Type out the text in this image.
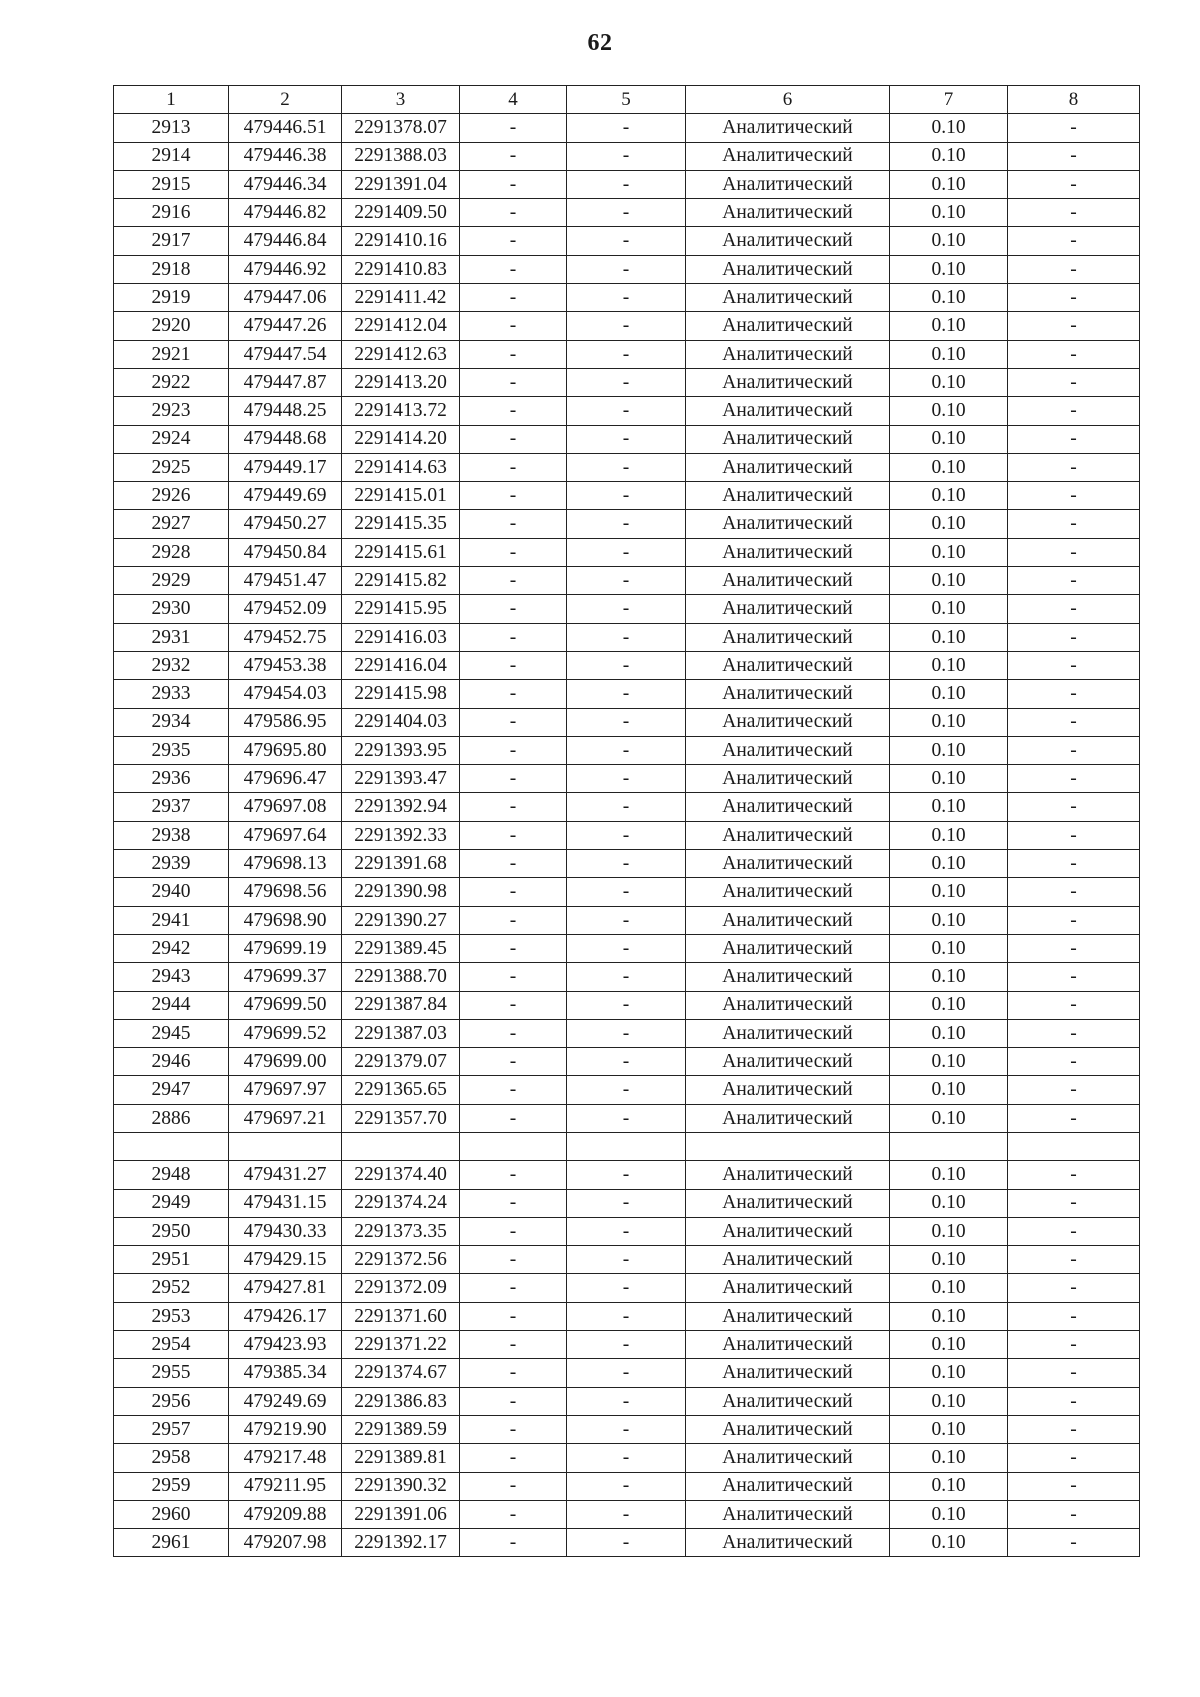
62
1	2	3	4	5	6	7	8
2913	479446.51	2291378.07	-	-	Аналитический	0.10	-
2914	479446.38	2291388.03	-	-	Аналитический	0.10	-
2915	479446.34	2291391.04	-	-	Аналитический	0.10	-
2916	479446.82	2291409.50	-	-	Аналитический	0.10	-
2917	479446.84	2291410.16	-	-	Аналитический	0.10	-
2918	479446.92	2291410.83	-	-	Аналитический	0.10	-
2919	479447.06	2291411.42	-	-	Аналитический	0.10	-
2920	479447.26	2291412.04	-	-	Аналитический	0.10	-
2921	479447.54	2291412.63	-	-	Аналитический	0.10	-
2922	479447.87	2291413.20	-	-	Аналитический	0.10	-
2923	479448.25	2291413.72	-	-	Аналитический	0.10	-
2924	479448.68	2291414.20	-	-	Аналитический	0.10	-
2925	479449.17	2291414.63	-	-	Аналитический	0.10	-
2926	479449.69	2291415.01	-	-	Аналитический	0.10	-
2927	479450.27	2291415.35	-	-	Аналитический	0.10	-
2928	479450.84	2291415.61	-	-	Аналитический	0.10	-
2929	479451.47	2291415.82	-	-	Аналитический	0.10	-
2930	479452.09	2291415.95	-	-	Аналитический	0.10	-
2931	479452.75	2291416.03	-	-	Аналитический	0.10	-
2932	479453.38	2291416.04	-	-	Аналитический	0.10	-
2933	479454.03	2291415.98	-	-	Аналитический	0.10	-
2934	479586.95	2291404.03	-	-	Аналитический	0.10	-
2935	479695.80	2291393.95	-	-	Аналитический	0.10	-
2936	479696.47	2291393.47	-	-	Аналитический	0.10	-
2937	479697.08	2291392.94	-	-	Аналитический	0.10	-
2938	479697.64	2291392.33	-	-	Аналитический	0.10	-
2939	479698.13	2291391.68	-	-	Аналитический	0.10	-
2940	479698.56	2291390.98	-	-	Аналитический	0.10	-
2941	479698.90	2291390.27	-	-	Аналитический	0.10	-
2942	479699.19	2291389.45	-	-	Аналитический	0.10	-
2943	479699.37	2291388.70	-	-	Аналитический	0.10	-
2944	479699.50	2291387.84	-	-	Аналитический	0.10	-
2945	479699.52	2291387.03	-	-	Аналитический	0.10	-
2946	479699.00	2291379.07	-	-	Аналитический	0.10	-
2947	479697.97	2291365.65	-	-	Аналитический	0.10	-
2886	479697.21	2291357.70	-	-	Аналитический	0.10	-

2948	479431.27	2291374.40	-	-	Аналитический	0.10	-
2949	479431.15	2291374.24	-	-	Аналитический	0.10	-
2950	479430.33	2291373.35	-	-	Аналитический	0.10	-
2951	479429.15	2291372.56	-	-	Аналитический	0.10	-
2952	479427.81	2291372.09	-	-	Аналитический	0.10	-
2953	479426.17	2291371.60	-	-	Аналитический	0.10	-
2954	479423.93	2291371.22	-	-	Аналитический	0.10	-
2955	479385.34	2291374.67	-	-	Аналитический	0.10	-
2956	479249.69	2291386.83	-	-	Аналитический	0.10	-
2957	479219.90	2291389.59	-	-	Аналитический	0.10	-
2958	479217.48	2291389.81	-	-	Аналитический	0.10	-
2959	479211.95	2291390.32	-	-	Аналитический	0.10	-
2960	479209.88	2291391.06	-	-	Аналитический	0.10	-
2961	479207.98	2291392.17	-	-	Аналитический	0.10	-
